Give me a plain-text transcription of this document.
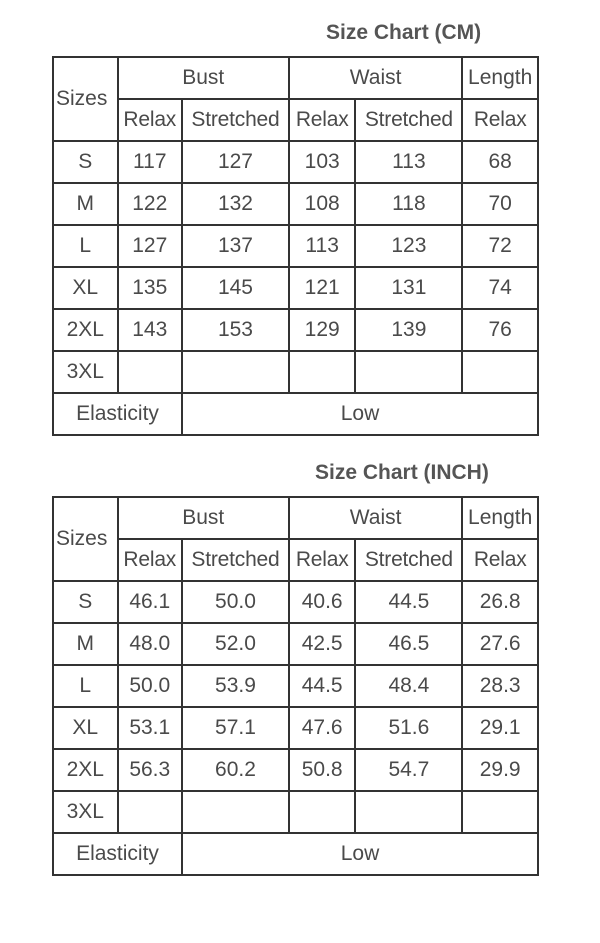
Size Chart (CM)
Sizes	Bust		Waist		Length
	Relax	Stretched	Relax	Stretched	Relax
S	117	127	103	113	68
M	122	132	108	118	70
L	127	137	113	123	72
XL	135	145	121	131	74
2XL	143	153	129	139	76
3XL					
Elasticity		Low			
Size Chart (INCH)
Sizes	Bust		Waist		Length
	Relax	Stretched	Relax	Stretched	Relax
S	46.1	50.0	40.6	44.5	26.8
M	48.0	52.0	42.5	46.5	27.6
L	50.0	53.9	44.5	48.4	28.3
XL	53.1	57.1	47.6	51.6	29.1
2XL	56.3	60.2	50.8	54.7	29.9
3XL					
Elasticity		Low			
